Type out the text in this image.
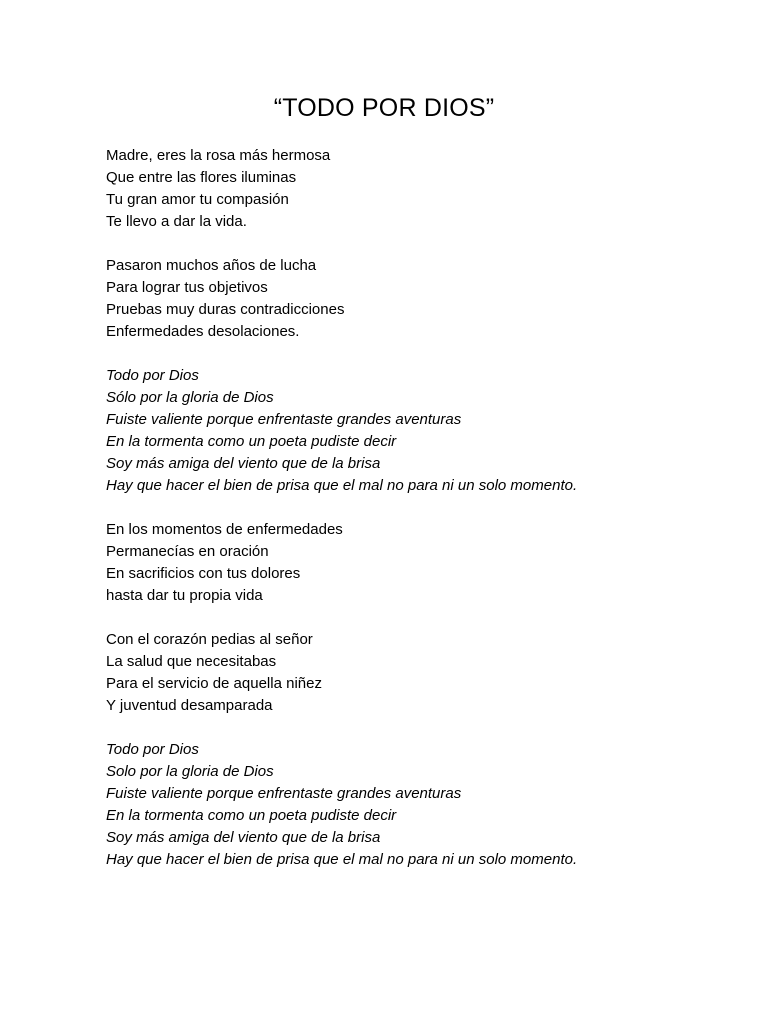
“TODO POR DIOS”
Madre, eres la rosa más hermosa
Que entre las flores iluminas
Tu gran amor tu compasión
Te llevo a dar la vida.
Pasaron muchos años de lucha
Para lograr tus objetivos
Pruebas muy duras contradicciones
Enfermedades desolaciones.
Todo por Dios
Sólo por la gloria de Dios
Fuiste valiente porque enfrentaste grandes aventuras
En la tormenta como un poeta pudiste decir
Soy más amiga del viento que de la brisa
Hay que hacer el bien de prisa que el mal no para ni un solo momento.
En los momentos de enfermedades
Permanecías en oración
En sacrificios con tus dolores
hasta dar tu propia vida
Con el corazón pedias al señor
La salud que necesitabas
Para el servicio de aquella niñez
Y juventud desamparada
Todo por Dios
Solo por la gloria de Dios
Fuiste valiente porque enfrentaste grandes aventuras
En la tormenta como un poeta pudiste decir
Soy más amiga del viento que de la brisa
Hay que hacer el bien de prisa que el mal no para ni un solo momento.
